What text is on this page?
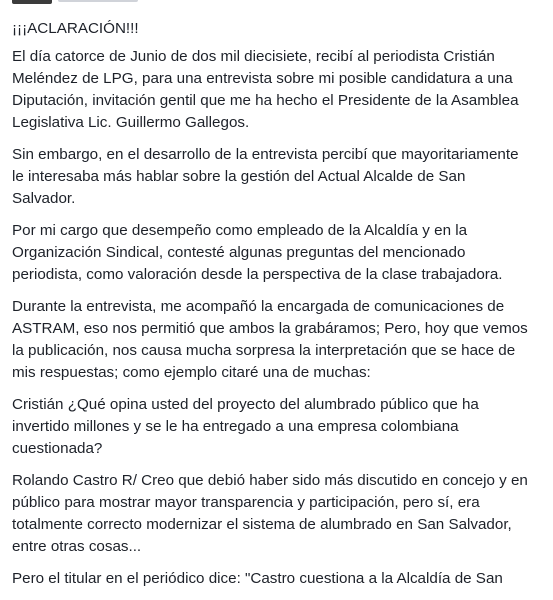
¡¡¡ACLARACIÓN!!!

El día catorce de Junio de dos mil diecisiete, recibí al periodista Cristián
Meléndez de LPG, para una entrevista sobre mi posible candidatura a una
Diputación, invitación gentil que me ha hecho el Presidente de la Asamblea
Legislativa Lic. Guillermo Gallegos.

Sin embargo, en el desarrollo de la entrevista percibí que mayoritariamente
le interesaba más hablar sobre la gestión del Actual Alcalde de San
Salvador.

Por mi cargo que desempeño como empleado de la Alcaldía y en la
Organización Sindical, contesté algunas preguntas del mencionado
periodista, como valoración desde la perspectiva de la clase trabajadora.

Durante la entrevista, me acompañó la encargada de comunicaciones de
ASTRAM, eso nos permitió que ambos la grabáramos; Pero, hoy que vemos
la publicación, nos causa mucha sorpresa la interpretación que se hace de
mis respuestas; como ejemplo citaré una de muchas:

Cristián ¿Qué opina usted del proyecto del alumbrado público que ha
invertido millones y se le ha entregado a una empresa colombiana
cuestionada?

Rolando Castro R/ Creo que debió haber sido más discutido en concejo y en
público para mostrar mayor transparencia y participación, pero sí, era
totalmente correcto modernizar el sistema de alumbrado en San Salvador,
entre otras cosas...

Pero el titular en el periódico dice: "Castro cuestiona a la Alcaldía de San
